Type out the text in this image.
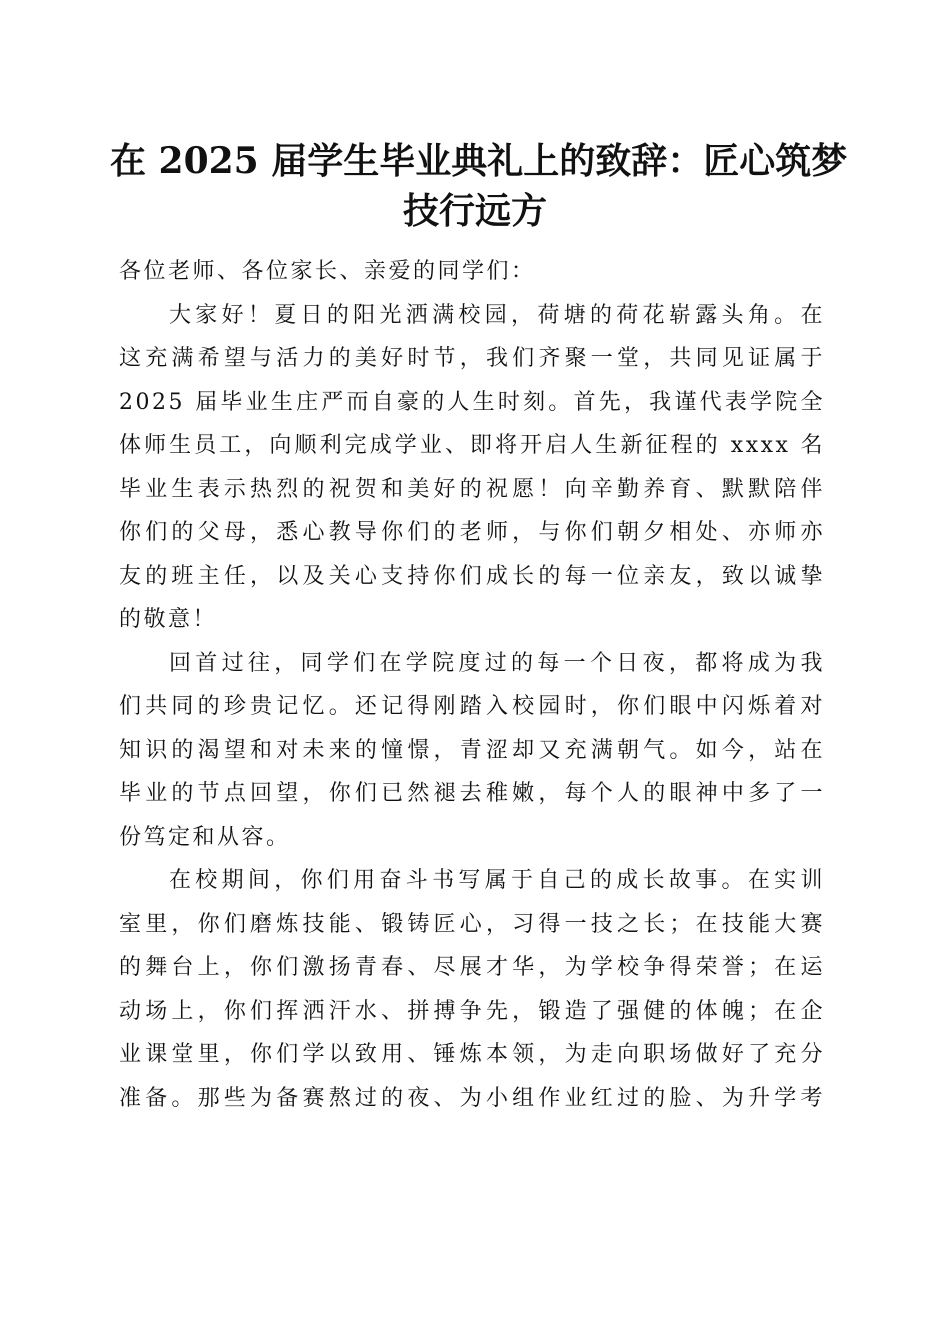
在 2025 届学生毕业典礼上的致辞：匠心筑梦
技行远方
各位老师、各位家长、亲爱的同学们：
大家好！夏日的阳光洒满校园，荷塘的荷花崭露头角。在
这充满希望与活力的美好时节，我们齐聚一堂，共同见证属于
2025 届毕业生庄严而自豪的人生时刻。首先，我谨代表学院全
体师生员工，向顺利完成学业、即将开启人生新征程的 xxxx 名
毕业生表示热烈的祝贺和美好的祝愿！向辛勤养育、默默陪伴
你们的父母，悉心教导你们的老师，与你们朝夕相处、亦师亦
友的班主任，以及关心支持你们成长的每一位亲友，致以诚挚
的敬意！
回首过往，同学们在学院度过的每一个日夜，都将成为我
们共同的珍贵记忆。还记得刚踏入校园时，你们眼中闪烁着对
知识的渴望和对未来的憧憬，青涩却又充满朝气。如今，站在
毕业的节点回望，你们已然褪去稚嫩，每个人的眼神中多了一
份笃定和从容。
在校期间，你们用奋斗书写属于自己的成长故事。在实训
室里，你们磨炼技能、锻铸匠心，习得一技之长；在技能大赛
的舞台上，你们激扬青春、尽展才华，为学校争得荣誉；在运
动场上，你们挥洒汗水、拼搏争先，锻造了强健的体魄；在企
业课堂里，你们学以致用、锤炼本领，为走向职场做好了充分
准备。那些为备赛熬过的夜、为小组作业红过的脸、为升学考
